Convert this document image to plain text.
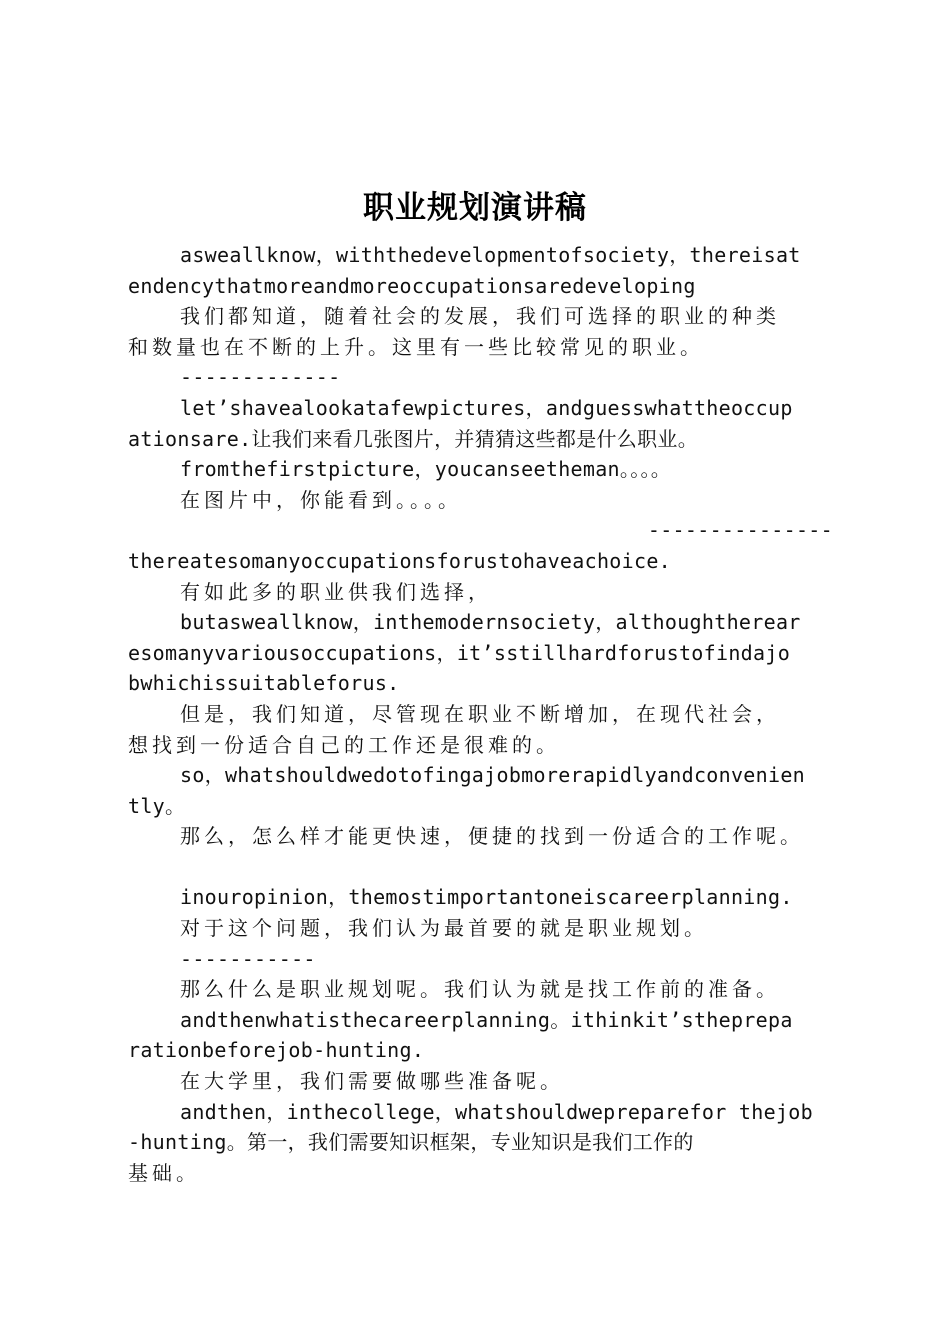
职业规划演讲稿
asweallknow，withthedevelopmentofsociety，thereisat
endencythatmoreandmoreoccupationsaredeveloping
我们都知道，随着社会的发展，我们可选择的职业的种类
和数量也在不断的上升。这里有一些比较常见的职业。
-------------
let’shavealookatafewpictures，andguesswhattheoccup
ationsare.让我们来看几张图片，并猜猜这些都是什么职业。
fromthefirstpicture，youcanseetheman。。。。
在图片中，你能看到。。。。
---------------
thereatesomanyoccupationsforustohaveachoice.
有如此多的职业供我们选择，
butasweallknow，inthemodernsociety，althoughtherear
esomanyvariousoccupations，it’sstillhardforustofindajo
bwhichissuitableforus.
但是，我们知道，尽管现在职业不断增加，在现代社会，
想找到一份适合自己的工作还是很难的。
so，whatshouldwedotofingajobmorerapidlyandconvenien
tly。
那么，怎么样才能更快速，便捷的找到一份适合的工作呢。
inouropinion，themostimportantoneiscareerplanning.
对于这个问题，我们认为最首要的就是职业规划。
-----------
那么什么是职业规划呢。我们认为就是找工作前的准备。
andthenwhatisthecareerplanning。ithinkit’stheprepa
rationbeforejob-hunting.
在大学里，我们需要做哪些准备呢。
andthen，inthecollege，whatshouldwepreparefor thejob
-hunting。第一，我们需要知识框架，专业知识是我们工作的
基础。
